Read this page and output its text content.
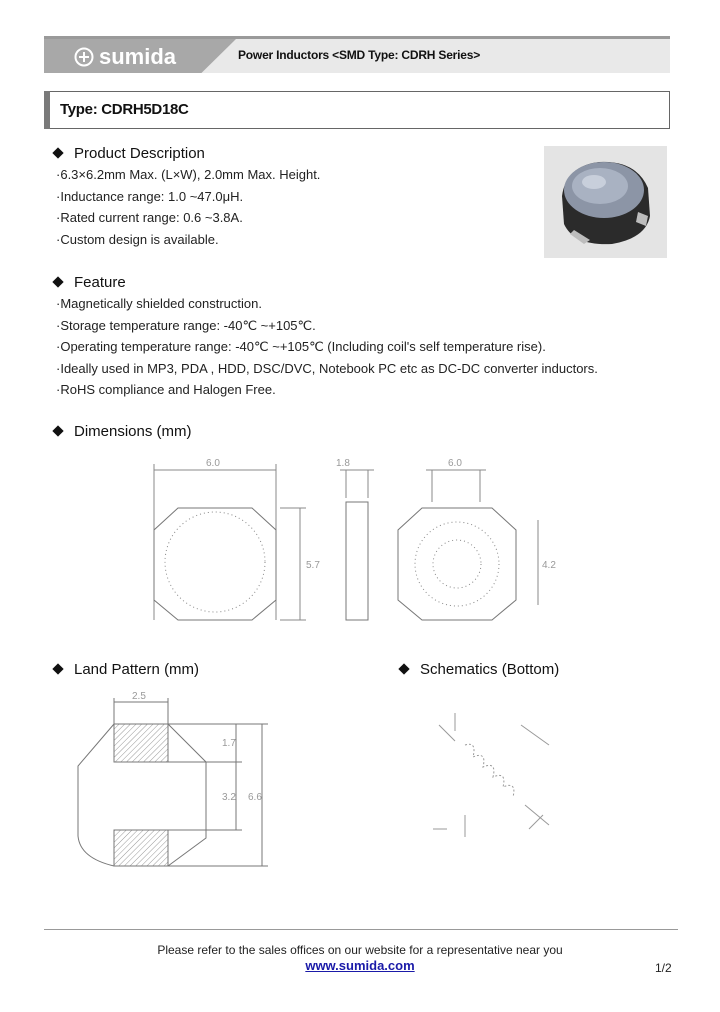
sumida	Power Inductors <SMD Type: CDRH Series>
Type: CDRH5D18C
Product Description
·6.3×6.2mm Max. (L×W), 2.0mm Max. Height.
·Inductance range: 1.0 ~47.0μH.
·Rated current range: 0.6 ~3.8A.
·Custom design is available.
Feature
·Magnetically shielded construction.
·Storage temperature range: -40℃ ~+105℃.
·Operating temperature range: -40℃ ~+105℃ (Including coil's self temperature rise).
·Ideally used in MP3, PDA , HDD, DSC/DVC, Notebook PC etc as DC-DC converter inductors.
·RoHS compliance and Halogen Free.
Dimensions (mm)
6.0	1.8	6.0
5.7	4.2
Land Pattern (mm)
2.5
1.7
3.2 6.6
Schematics (Bottom)
Please refer to the sales offices on our website for a representative near you
www.sumida.com	1/2
